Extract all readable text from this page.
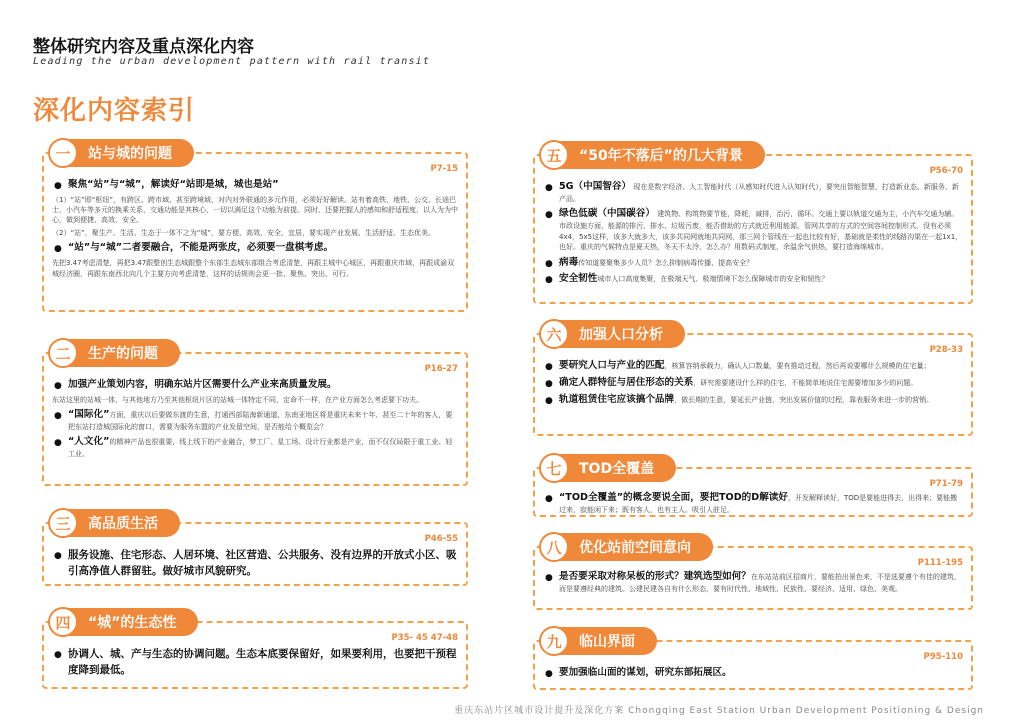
整体研究内容及重点深化内容
Leading the urban development pattern with rail transit
深化内容索引
一	站与城的问题
P7-15
● 聚焦“站”与“城”，解读好“站即是城，城也是站”
（1）“站”即“枢纽”，有跨区、跨市域、甚至跨境域，对内对外联通的多元作用，必须好好解读。站有着高铁、地铁、公交、长途巴士、小汽车等多元的换乘关系，交通功能是其核心，一切以满足这个功能为前提。同时，还要把握人的感知和舒适程度，以人为为中心，做到便捷、高效、安全。
（2）“站”，聚生产、生活、生态于一体不之为“城”，要方便、高效、安全、宜居，要实现产业发展、生活舒适、生态优美。
● “站”与“城”二者要融合，不能是两张皮，必须要一盘棋考虑。
先把3.47考虑清楚，再把3.47跟整创生态城跟整个东部生态城东部组合考虑清楚，再跟主城中心城区，再跟重庆市域，再跟成渝双城经济圈，再跟东南西北向几个主要方向考虑清楚，这样的话规则会更一批、聚焦、突出、可行。
二	生产的问题
P16-27
● 加强产业策划内容，明确东站片区需要什么产业来高质量发展。
东站这里的站城一体，与其他地方乃至其他枢纽片区的站城一体特定不同，定命不一样，在产业方面怎么考虑要下功夫。
● “国际化”方面，重庆以后要做东渡的生意，打通西部陆海新通道，东南亚地区将是重庆未来十年、甚至二十年的客人，要把东站打造城国际化的窗口，需要为服务东盟的产业发留空间，是否能给个概览会？
● “人文化”的精神产品也很重要，线上线下的产业融合，梦工厂、星工场、设计行业都是产业，而不仅仅局限于重工业、轻工业。
三	高品质生活
P46-55
● 服务设施、住宅形态、人居环境、社区营造、公共服务、没有边界的开放式小区、吸引高净值人群留驻。做好城市风貌研究。
四	“城”的生态性
P35- 45 47-48
● 协调人、城、产与生态的协调问题。生态本底要保留好，如果要利用，也要把干预程度降到最低。
五	“50年不落后”的几大背景
P56-70
● 5G（中国智谷） 现在是数字经济、人工智能时代（从感知时代进入认知时代），要突出智能智慧，打造新业态、新服务、新产品。
● 绿色低碳（中国碳谷） 建筑物、构筑物要节能，降耗，减排，治污，循环。交通上要以轨道交通为主，小汽车交通为辅。市政设施方面，能源的排污、排水、垃圾污废，能否借助的方式就近利用能源。管网共享的方式的空间容间控制形式，没有必须4x4，5x5这样，该多大就多大，该多共同网就地共同网，那三网个管线在一起也比较有好，基础就是柔性的线路沟渠在一起1x1，也好。重庆的气候特点是夏天热，冬天不太冷，怎么办？用数码式制度，余温余气供热，要打造海绵城市。
● 病毒传知道要聚集多少人员？怎么抑制病毒传播，提高安全？
● 安全韧性城市人口高度集聚，在极端天气、极端情境下怎么保障城市的安全和韧性？
六	加强人口分析
P28-33
● 要研究人口与产业的匹配，核算容纳承载力，确认人口数量，要有推动过程，然后再说要哪什么规模的住宅量；
● 确定人群特征与居住形态的关系，研究需要建设什么样的住宅，不能简单地说住宅需要增加多少的问题。
● 轨道租赁住宅应该搞个品牌，做长期的生意，要延长产业链，突出发展价值的过程，靠表服务来进一步的营销。
七	TOD全覆盖
P71-79
● “TOD全覆盖”的概念要说全面，要把TOD的D解读好，开发解释读好，TOD是要能进得去，出得来；要能搬过来，寂能闲下来；既有客人，也有主人。吸引人驻足。
八	优化站前空间意向
P111-195
● 是否要采取对称呆板的形式？建筑选型如何？在东站站前区招商片，要能拍出景色来，不是选要遵个有佳的建筑，而是要遵经典的建筑。公建民建各自有什么形态，要有时代性、地域性、民族性、要经济、适用、绿色、美观。
九	临山界面
P95-110
● 要加强临山面的谋划，研究东部拓展区。
重庆东站片区城市设计提升及深化方案 Chongqing East Station Urban Development Positioning & Design
